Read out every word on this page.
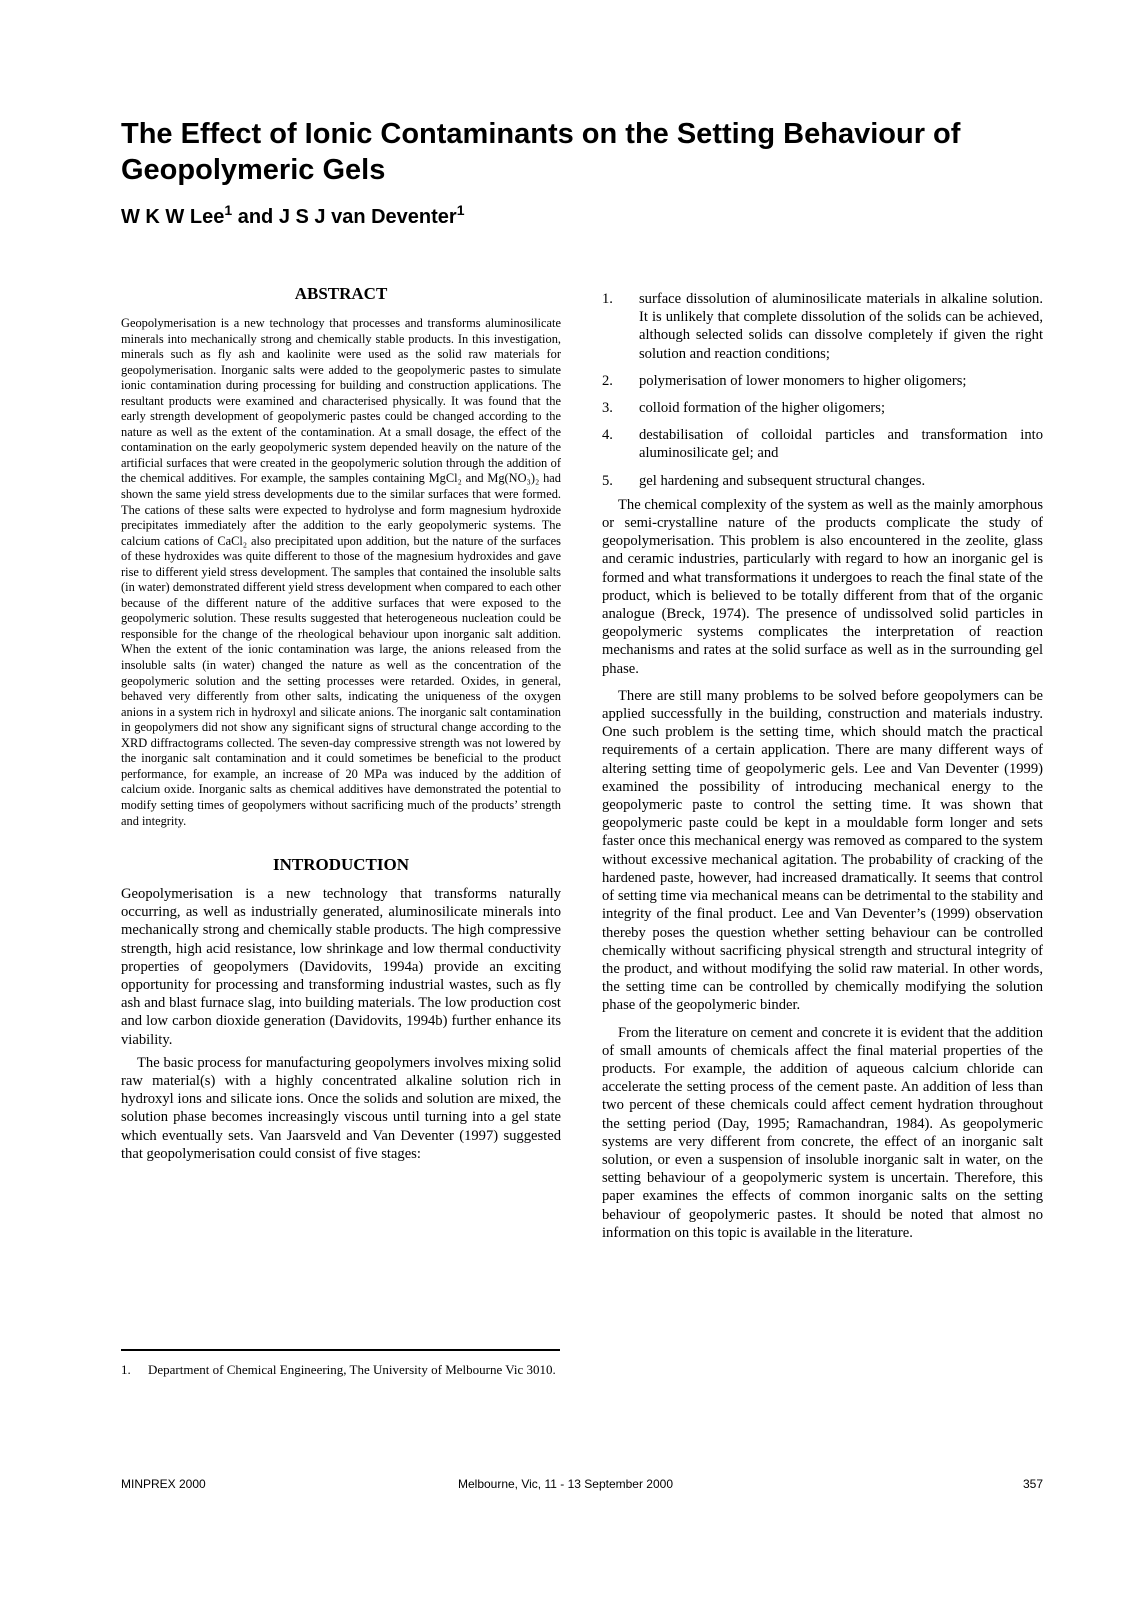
The Effect of Ionic Contaminants on the Setting Behaviour of Geopolymeric Gels

W K W Lee$^1$ and J S J van Deventer$^1$

ABSTRACT

Geopolymerisation is a new technology that processes and transforms aluminosilicate minerals into mechanically strong and chemically stable products. In this investigation, minerals such as fly ash and kaolinite were used as the solid raw materials for geopolymerisation. Inorganic salts were added to the geopolymeric pastes to simulate ionic contamination during processing for building and construction applications. The resultant products were examined and characterised physically. It was found that the early strength development of geopolymeric pastes could be changed according to the nature as well as the extent of the contamination. At a small dosage, the effect of the contamination on the early geopolymeric system depended heavily on the nature of the artificial surfaces that were created in the geopolymeric solution through the addition of the chemical additives. For example, the samples containing MgCl₂ and Mg(NO₃)₂ had shown the same yield stress developments due to the similar surfaces that were formed. The cations of these salts were expected to hydrolyse and form magnesium hydroxide precipitates immediately after the addition to the early geopolymeric systems. The calcium cations of CaCl₂ also precipitated upon addition, but the nature of the surfaces of these hydroxides was quite different to those of the magnesium hydroxides and gave rise to different yield stress development. The samples that contained the insoluble salts (in water) demonstrated different yield stress development when compared to each other because of the different nature of the additive surfaces that were exposed to the geopolymeric solution. These results suggested that heterogeneous nucleation could be responsible for the change of the rheological behaviour upon inorganic salt addition. When the extent of the ionic contamination was large, the anions released from the insoluble salts (in water) changed the nature as well as the concentration of the geopolymeric solution and the setting processes were retarded. Oxides, in general, behaved very differently from other salts, indicating the uniqueness of the oxygen anions in a system rich in hydroxyl and silicate anions. The inorganic salt contamination in geopolymers did not show any significant signs of structural change according to the XRD diffractograms collected. The seven-day compressive strength was not lowered by the inorganic salt contamination and it could sometimes be beneficial to the product performance, for example, an increase of 20 MPa was induced by the addition of calcium oxide. Inorganic salts as chemical additives have demonstrated the potential to modify setting times of geopolymers without sacrificing much of the products’ strength and integrity.

INTRODUCTION

Geopolymerisation is a new technology that transforms naturally occurring, as well as industrially generated, aluminosilicate minerals into mechanically strong and chemically stable products. The high compressive strength, high acid resistance, low shrinkage and low thermal conductivity properties of geopolymers (Davidovits, 1994a) provide an exciting opportunity for processing and transforming industrial wastes, such as fly ash and blast furnace slag, into building materials. The low production cost and low carbon dioxide generation (Davidovits, 1994b) further enhance its viability.

The basic process for manufacturing geopolymers involves mixing solid raw material(s) with a highly concentrated alkaline solution rich in hydroxyl ions and silicate ions. Once the solids and solution are mixed, the solution phase becomes increasingly viscous until turning into a gel state which eventually sets. Van Jaarsveld and Van Deventer (1997) suggested that geopolymerisation could consist of five stages:

1.	Department of Chemical Engineering, The University of Melbourne Vic 3010.
1. surface dissolution of aluminosilicate materials in alkaline solution. It is unlikely that complete dissolution of the solids can be achieved, although selected solids can dissolve completely if given the right solution and reaction conditions;
2. polymerisation of lower monomers to higher oligomers;
3. colloid formation of the higher oligomers;
4. destabilisation of colloidal particles and transformation into aluminosilicate gel; and
5. gel hardening and subsequent structural changes.

The chemical complexity of the system as well as the mainly amorphous or semi-crystalline nature of the products complicate the study of geopolymerisation. This problem is also encountered in the zeolite, glass and ceramic industries, particularly with regard to how an inorganic gel is formed and what transformations it undergoes to reach the final state of the product, which is believed to be totally different from that of the organic analogue (Breck, 1974). The presence of undissolved solid particles in geopolymeric systems complicates the interpretation of reaction mechanisms and rates at the solid surface as well as in the surrounding gel phase.

There are still many problems to be solved before geopolymers can be applied successfully in the building, construction and materials industry. One such problem is the setting time, which should match the practical requirements of a certain application. There are many different ways of altering setting time of geopolymeric gels. Lee and Van Deventer (1999) examined the possibility of introducing mechanical energy to the geopolymeric paste to control the setting time. It was shown that geopolymeric paste could be kept in a mouldable form longer and sets faster once this mechanical energy was removed as compared to the system without excessive mechanical agitation. The probability of cracking of the hardened paste, however, had increased dramatically. It seems that control of setting time via mechanical means can be detrimental to the stability and integrity of the final product. Lee and Van Deventer’s (1999) observation thereby poses the question whether setting behaviour can be controlled chemically without sacrificing physical strength and structural integrity of the product, and without modifying the solid raw material. In other words, the setting time can be controlled by chemically modifying the solution phase of the geopolymeric binder.

From the literature on cement and concrete it is evident that the addition of small amounts of chemicals affect the final material properties of the products. For example, the addition of aqueous calcium chloride can accelerate the setting process of the cement paste. An addition of less than two percent of these chemicals could affect cement hydration throughout the setting period (Day, 1995; Ramachandran, 1984). As geopolymeric systems are very different from concrete, the effect of an inorganic salt solution, or even a suspension of insoluble inorganic salt in water, on the setting behaviour of a geopolymeric system is uncertain. Therefore, this paper examines the effects of common inorganic salts on the setting behaviour of geopolymeric pastes. It should be noted that almost no information on this topic is available in the literature.

MINPREX 2000	Melbourne, Vic, 11 - 13 September 2000	357
